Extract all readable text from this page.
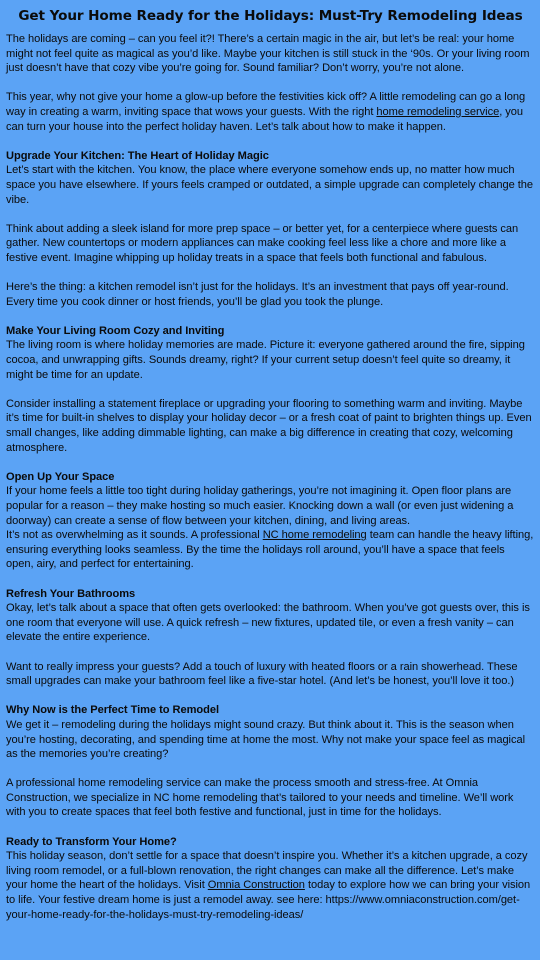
Get Your Home Ready for the Holidays: Must-Try Remodeling Ideas

The holidays are coming – can you feel it?! There’s a certain magic in the air, but let’s be real: your home might not feel quite as magical as you’d like. Maybe your kitchen is still stuck in the ‘90s. Or your living room just doesn’t have that cozy vibe you’re going for. Sound familiar? Don’t worry, you’re not alone.

This year, why not give your home a glow-up before the festivities kick off? A little remodeling can go a long way in creating a warm, inviting space that wows your guests. With the right home remodeling service, you can turn your house into the perfect holiday haven. Let’s talk about how to make it happen.

Upgrade Your Kitchen: The Heart of Holiday Magic

Let’s start with the kitchen. You know, the place where everyone somehow ends up, no matter how much space you have elsewhere. If yours feels cramped or outdated, a simple upgrade can completely change the vibe.

Think about adding a sleek island for more prep space – or better yet, for a centerpiece where guests can gather. New countertops or modern appliances can make cooking feel less like a chore and more like a festive event. Imagine whipping up holiday treats in a space that feels both functional and fabulous.

Here’s the thing: a kitchen remodel isn’t just for the holidays. It’s an investment that pays off year-round. Every time you cook dinner or host friends, you’ll be glad you took the plunge.

Make Your Living Room Cozy and Inviting

The living room is where holiday memories are made. Picture it: everyone gathered around the fire, sipping cocoa, and unwrapping gifts. Sounds dreamy, right? If your current setup doesn’t feel quite so dreamy, it might be time for an update.

Consider installing a statement fireplace or upgrading your flooring to something warm and inviting. Maybe it’s time for built-in shelves to display your holiday decor – or a fresh coat of paint to brighten things up. Even small changes, like adding dimmable lighting, can make a big difference in creating that cozy, welcoming atmosphere.

Open Up Your Space

If your home feels a little too tight during holiday gatherings, you’re not imagining it. Open floor plans are popular for a reason – they make hosting so much easier. Knocking down a wall (or even just widening a doorway) can create a sense of flow between your kitchen, dining, and living areas.

It’s not as overwhelming as it sounds. A professional NC home remodeling team can handle the heavy lifting, ensuring everything looks seamless. By the time the holidays roll around, you’ll have a space that feels open, airy, and perfect for entertaining.

Refresh Your Bathrooms

Okay, let’s talk about a space that often gets overlooked: the bathroom. When you’ve got guests over, this is one room that everyone will use. A quick refresh – new fixtures, updated tile, or even a fresh vanity – can elevate the entire experience.

Want to really impress your guests? Add a touch of luxury with heated floors or a rain showerhead. These small upgrades can make your bathroom feel like a five-star hotel. (And let’s be honest, you’ll love it too.)

Why Now is the Perfect Time to Remodel

We get it – remodeling during the holidays might sound crazy. But think about it. This is the season when you’re hosting, decorating, and spending time at home the most. Why not make your space feel as magical as the memories you’re creating?

A professional home remodeling service can make the process smooth and stress-free. At Omnia Construction, we specialize in NC home remodeling that’s tailored to your needs and timeline. We’ll work with you to create spaces that feel both festive and functional, just in time for the holidays.

Ready to Transform Your Home?

This holiday season, don’t settle for a space that doesn’t inspire you. Whether it’s a kitchen upgrade, a cozy living room remodel, or a full-blown renovation, the right changes can make all the difference. Let’s make your home the heart of the holidays. Visit Omnia Construction today to explore how we can bring your vision to life. Your festive dream home is just a remodel away. see here: https://www.omniaconstruction.com/get-your-home-ready-for-the-holidays-must-try-remodeling-ideas/
